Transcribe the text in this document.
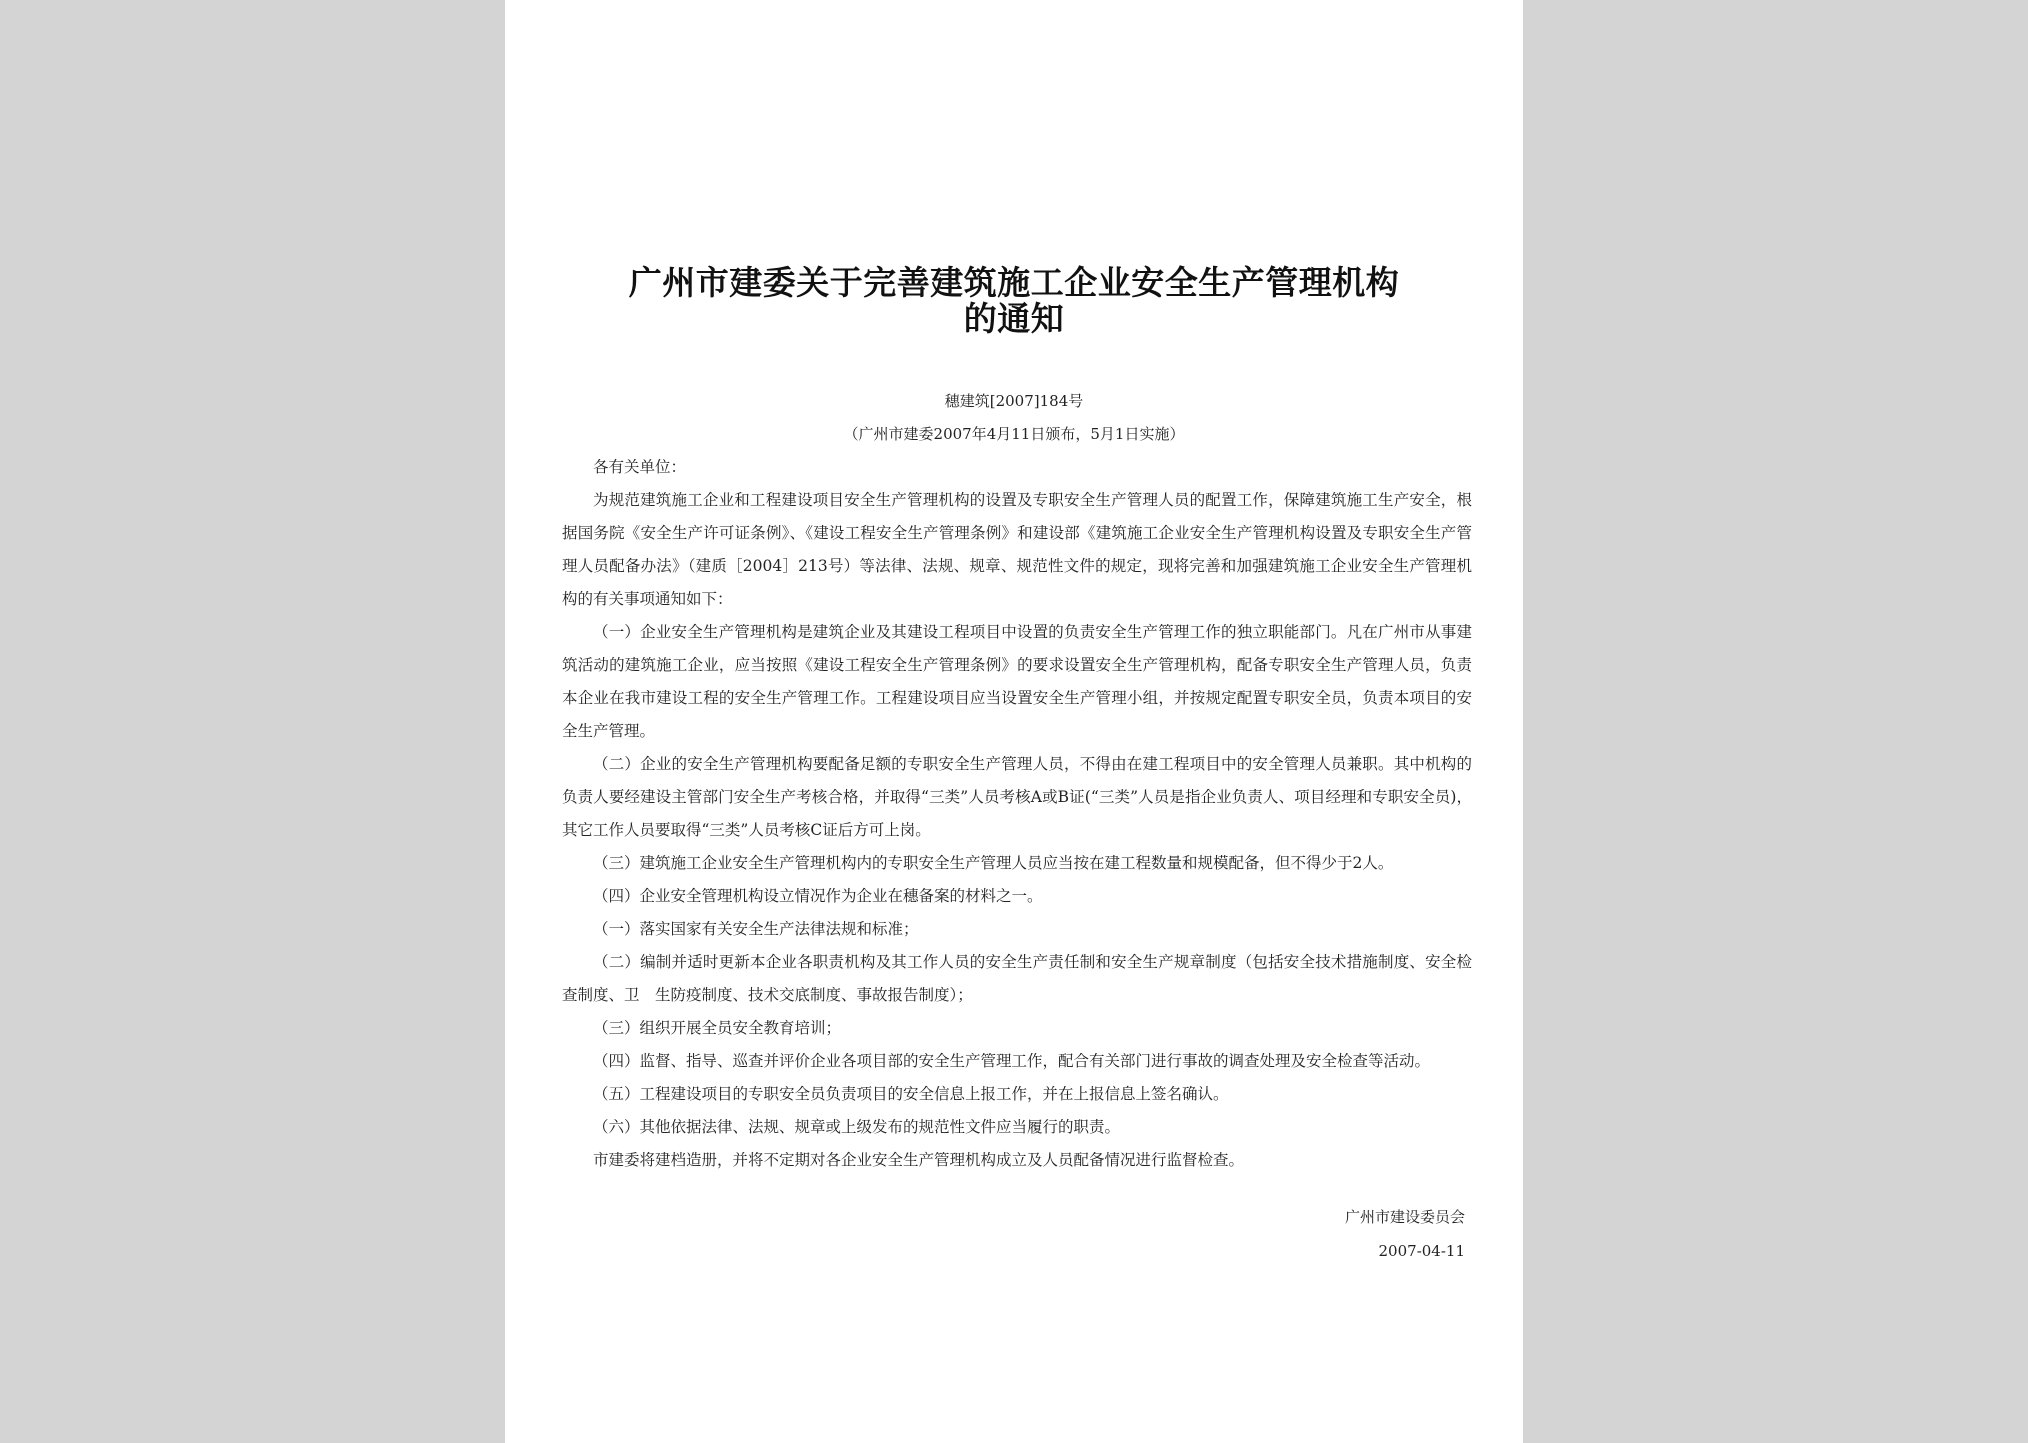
广州市建委关于完善建筑施工企业安全生产管理机构
的通知
穗建筑[2007]184号
（广州市建委2007年4月11日颁布，5月1日实施）

各有关单位：

为规范建筑施工企业和工程建设项目安全生产管理机构的设置及专职安全生产管理人员的配置工作，保障建筑施工生产安全，根据国务院《安全生产许可证条例》、《建设工程安全生产管理条例》和建设部《建筑施工企业安全生产管理机构设置及专职安全生产管理人员配备办法》（建质［2004］213号）等法律、法规、规章、规范性文件的规定，现将完善和加强建筑施工企业安全生产管理机构的有关事项通知如下：

（一）企业安全生产管理机构是建筑企业及其建设工程项目中设置的负责安全生产管理工作的独立职能部门。凡在广州市从事建筑活动的建筑施工企业，应当按照《建设工程安全生产管理条例》的要求设置安全生产管理机构，配备专职安全生产管理人员，负责本企业在我市建设工程的安全生产管理工作。工程建设项目应当设置安全生产管理小组，并按规定配置专职安全员，负责本项目的安全生产管理。

（二）企业的安全生产管理机构要配备足额的专职安全生产管理人员，不得由在建工程项目中的安全管理人员兼职。其中机构的负责人要经建设主管部门安全生产考核合格，并取得“三类”人员考核A或B证(“三类”人员是指企业负责人、项目经理和专职安全员)，其它工作人员要取得“三类”人员考核C证后方可上岗。

（三）建筑施工企业安全生产管理机构内的专职安全生产管理人员应当按在建工程数量和规模配备，但不得少于2人。

（四）企业安全管理机构设立情况作为企业在穗备案的材料之一。

（一）落实国家有关安全生产法律法规和标准；

（二）编制并适时更新本企业各职责机构及其工作人员的安全生产责任制和安全生产规章制度（包括安全技术措施制度、安全检查制度、卫　生防疫制度、技术交底制度、事故报告制度）；

（三）组织开展全员安全教育培训；

（四）监督、指导、巡查并评价企业各项目部的安全生产管理工作，配合有关部门进行事故的调查处理及安全检查等活动。

（五）工程建设项目的专职安全员负责项目的安全信息上报工作，并在上报信息上签名确认。

（六）其他依据法律、法规、规章或上级发布的规范性文件应当履行的职责。

市建委将建档造册，并将不定期对各企业安全生产管理机构成立及人员配备情况进行监督检查。

广州市建设委员会
2007-04-11
